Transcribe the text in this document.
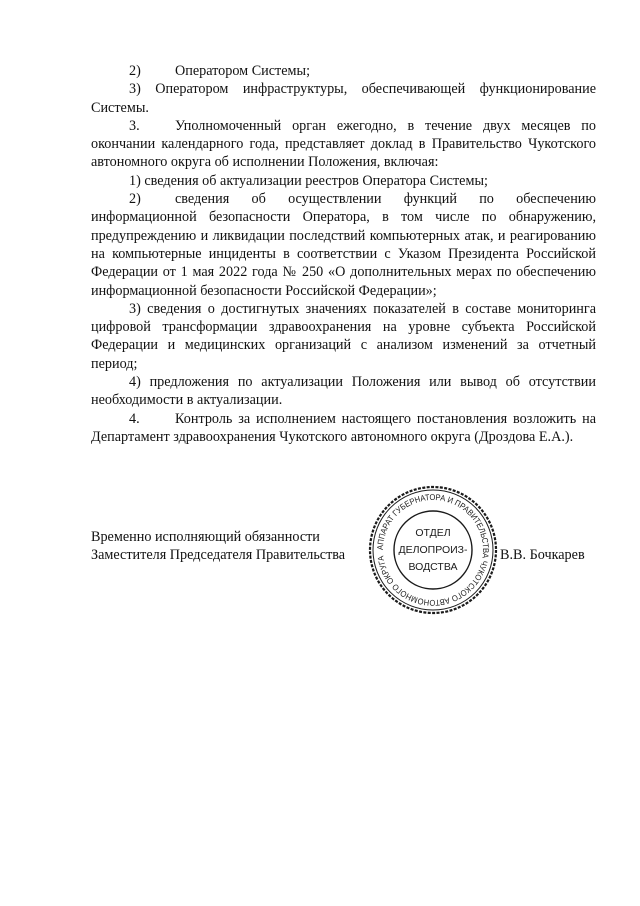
2) Оператором Системы;

3) Оператором инфраструктуры, обеспечивающей функционирование Системы.

3. Уполномоченный орган ежегодно, в течение двух месяцев по окончании календарного года, представляет доклад в Правительство Чукотского автономного округа об исполнении Положения, включая:

1) сведения об актуализации реестров Оператора Системы;

2) сведения об осуществлении функций по обеспечению информационной безопасности Оператора, в том числе по обнаружению, предупреждению и ликвидации последствий компьютерных атак, и реагированию на компьютерные инциденты в соответствии с Указом Президента Российской Федерации от 1 мая 2022 года № 250 «О дополнительных мерах по обеспечению информационной безопасности Российской Федерации»;

3) сведения о достигнутых значениях показателей в составе мониторинга цифровой трансформации здравоохранения на уровне субъекта Российской Федерации и медицинских организаций с анализом изменений за отчетный период;

4) предложения по актуализации Положения или вывод об отсутствии необходимости в актуализации.

4. Контроль за исполнением настоящего постановления возложить на Департамент здравоохранения Чукотского автономного округа (Дроздова Е.А.).

Временно исполняющий обязанности
Заместителя Председателя Правительства
АППАРАТ ГУБЕРНАТОРА И ПРАВИТЕЛЬСТВА ЧУКОТСКОГО АВТОНОМНОГО ОКРУГА
ОТДЕЛ
ДЕЛОПРОИЗ-
ВОДСТВА
В.В. Бочкарев
